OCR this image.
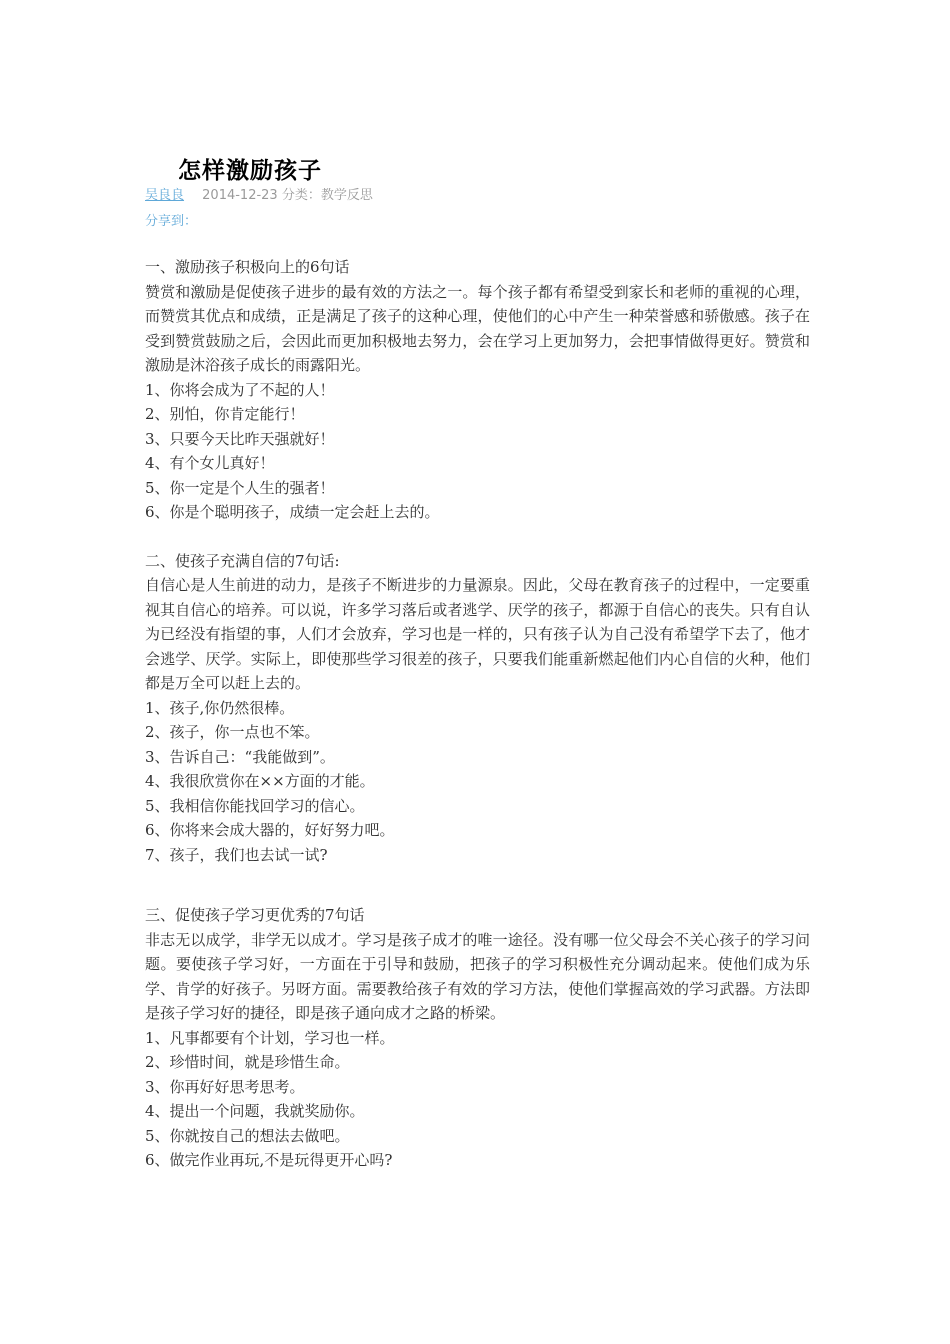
怎样激励孩子
吴良良 2014-12-23 分类：教学反思
分享到：

一、激励孩子积极向上的6句话

赞赏和激励是促使孩子进步的最有效的方法之一。每个孩子都有希望受到家长和老师的重视的心理，而赞赏其优点和成绩，正是满足了孩子的这种心理，使他们的心中产生一种荣誉感和骄傲感。孩子在受到赞赏鼓励之后，会因此而更加积极地去努力，会在学习上更加努力，会把事情做得更好。赞赏和激励是沐浴孩子成长的雨露阳光。

1、你将会成为了不起的人！
2、别怕，你肯定能行！
3、只要今天比昨天强就好！
4、有个女儿真好！
5、你一定是个人生的强者！
6、你是个聪明孩子，成绩一定会赶上去的。

二、使孩子充满自信的7句话:

自信心是人生前进的动力，是孩子不断进步的力量源泉。因此，父母在教育孩子的过程中，一定要重视其自信心的培养。可以说，许多学习落后或者逃学、厌学的孩子，都源于自信心的丧失。只有自认为已经没有指望的事，人们才会放弃，学习也是一样的，只有孩子认为自己没有希望学下去了，他才会逃学、厌学。实际上，即使那些学习很差的孩子，只要我们能重新燃起他们内心自信的火种，他们都是万全可以赶上去的。

1、孩子,你仍然很棒。
2、孩子，你一点也不笨。
3、告诉自己：“我能做到”。
4、我很欣赏你在××方面的才能。
5、我相信你能找回学习的信心。
6、你将来会成大器的，好好努力吧。
7、孩子，我们也去试一试?

三、促使孩子学习更优秀的7句话

非志无以成学，非学无以成才。学习是孩子成才的唯一途径。没有哪一位父母会不关心孩子的学习问题。要使孩子学习好，一方面在于引导和鼓励，把孩子的学习积极性充分调动起来。使他们成为乐学、肯学的好孩子。另呀方面。需要教给孩子有效的学习方法，使他们掌握高效的学习武器。方法即是孩子学习好的捷径，即是孩子通向成才之路的桥梁。

1、凡事都要有个计划，学习也一样。
2、珍惜时间，就是珍惜生命。
3、你再好好思考思考。
4、提出一个问题，我就奖励你。
5、你就按自己的想法去做吧。
6、做完作业再玩,不是玩得更开心吗?
